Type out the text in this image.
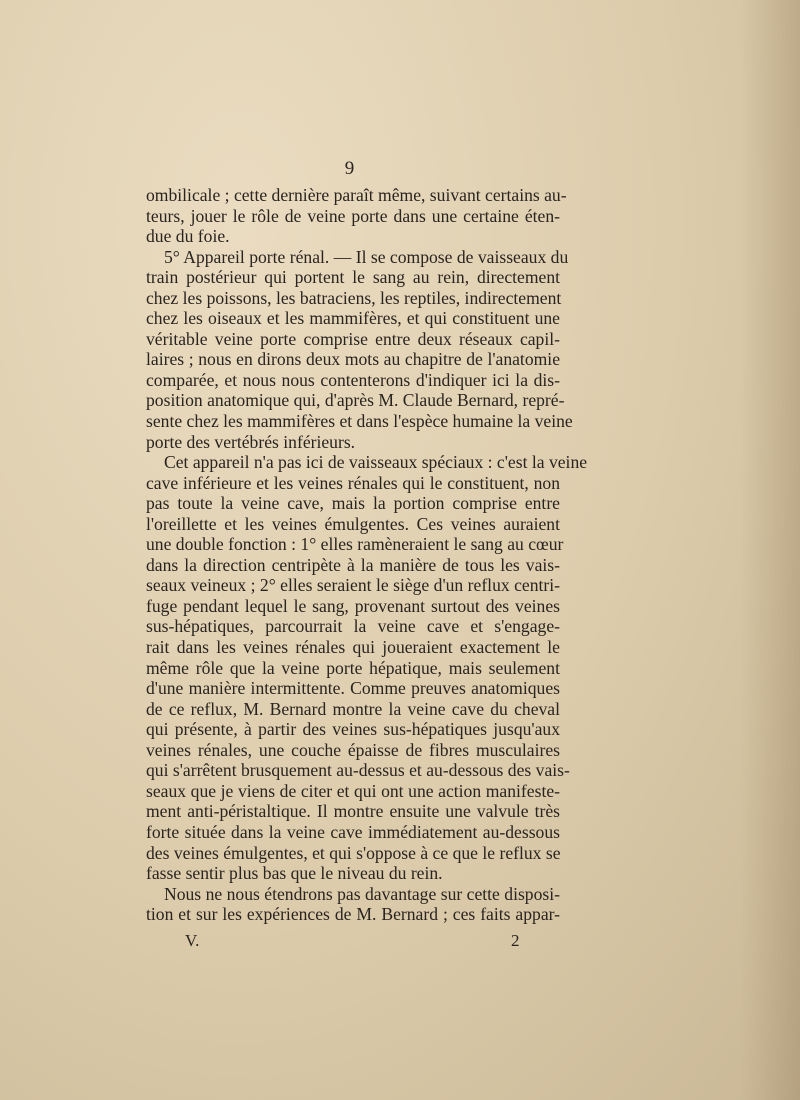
9
ombilicale ; cette dernière paraît même, suivant certains au-
teurs, jouer le rôle de veine porte dans une certaine éten-
due du foie.
5° Appareil porte rénal. — Il se compose de vaisseaux du
train postérieur qui portent le sang au rein, directement
chez les poissons, les batraciens, les reptiles, indirectement
chez les oiseaux et les mammifères, et qui constituent une
véritable veine porte comprise entre deux réseaux capil-
laires ; nous en dirons deux mots au chapitre de l'anatomie
comparée, et nous nous contenterons d'indiquer ici la dis-
position anatomique qui, d'après M. Claude Bernard, repré-
sente chez les mammifères et dans l'espèce humaine la veine
porte des vertébrés inférieurs.
Cet appareil n'a pas ici de vaisseaux spéciaux : c'est la veine
cave inférieure et les veines rénales qui le constituent, non
pas toute la veine cave, mais la portion comprise entre
l'oreillette et les veines émulgentes. Ces veines auraient
une double fonction : 1° elles ramèneraient le sang au cœur
dans la direction centripète à la manière de tous les vais-
seaux veineux ; 2° elles seraient le siège d'un reflux centri-
fuge pendant lequel le sang, provenant surtout des veines
sus-hépatiques, parcourrait la veine cave et s'engage-
rait dans les veines rénales qui joueraient exactement le
même rôle que la veine porte hépatique, mais seulement
d'une manière intermittente. Comme preuves anatomiques
de ce reflux, M. Bernard montre la veine cave du cheval
qui présente, à partir des veines sus-hépatiques jusqu'aux
veines rénales, une couche épaisse de fibres musculaires
qui s'arrêtent brusquement au-dessus et au-dessous des vais-
seaux que je viens de citer et qui ont une action manifeste-
ment anti-péristaltique. Il montre ensuite une valvule très
forte située dans la veine cave immédiatement au-dessous
des veines émulgentes, et qui s'oppose à ce que le reflux se
fasse sentir plus bas que le niveau du rein.
Nous ne nous étendrons pas davantage sur cette disposi-
tion et sur les expériences de M. Bernard ; ces faits appar-
V.	2
